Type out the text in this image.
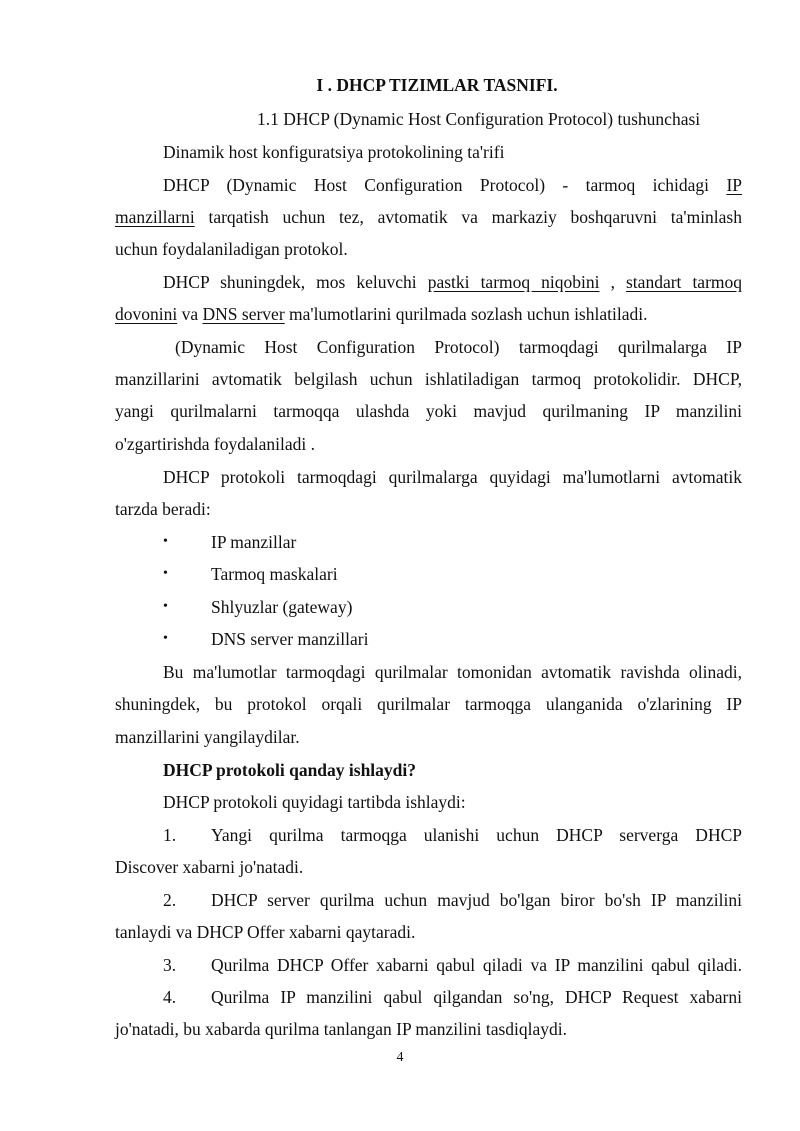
I . DHCP TIZIMLAR TASNIFI.
1.1 DHCP (Dynamic Host Configuration Protocol) tushunchasi
Dinamik host konfiguratsiya protokolining ta'rifi
DHCP (Dynamic Host Configuration Protocol) - tarmoq ichidagi IP
manzillarni tarqatish uchun tez, avtomatik va markaziy boshqaruvni ta'minlash
uchun foydalaniladigan protokol.
DHCP shuningdek, mos keluvchi pastki tarmoq niqobini , standart tarmoq
dovonini va DNS server ma'lumotlarini qurilmada sozlash uchun ishlatiladi.
(Dynamic Host Configuration Protocol) tarmoqdagi qurilmalarga IP
manzillarini avtomatik belgilash uchun ishlatiladigan tarmoq protokolidir. DHCP,
yangi qurilmalarni tarmoqqa ulashda yoki mavjud qurilmaning IP manzilini
o'zgartirishda foydalaniladi .
DHCP protokoli tarmoqdagi qurilmalarga quyidagi ma'lumotlarni avtomatik
tarzda beradi:
• IP manzillar
• Tarmoq maskalari
• Shlyuzlar (gateway)
• DNS server manzillari
Bu ma'lumotlar tarmoqdagi qurilmalar tomonidan avtomatik ravishda olinadi,
shuningdek, bu protokol orqali qurilmalar tarmoqga ulanganida o'zlarining IP
manzillarini yangilaydilar.
DHCP protokoli qanday ishlaydi?
DHCP protokoli quyidagi tartibda ishlaydi:
1. Yangi qurilma tarmoqga ulanishi uchun DHCP serverga DHCP
Discover xabarni jo'natadi.
2. DHCP server qurilma uchun mavjud bo'lgan biror bo'sh IP manzilini
tanlaydi va DHCP Offer xabarni qaytaradi.
3. Qurilma DHCP Offer xabarni qabul qiladi va IP manzilini qabul qiladi.
4. Qurilma IP manzilini qabul qilgandan so'ng, DHCP Request xabarni
jo'natadi, bu xabarda qurilma tanlangan IP manzilini tasdiqlaydi.
4
